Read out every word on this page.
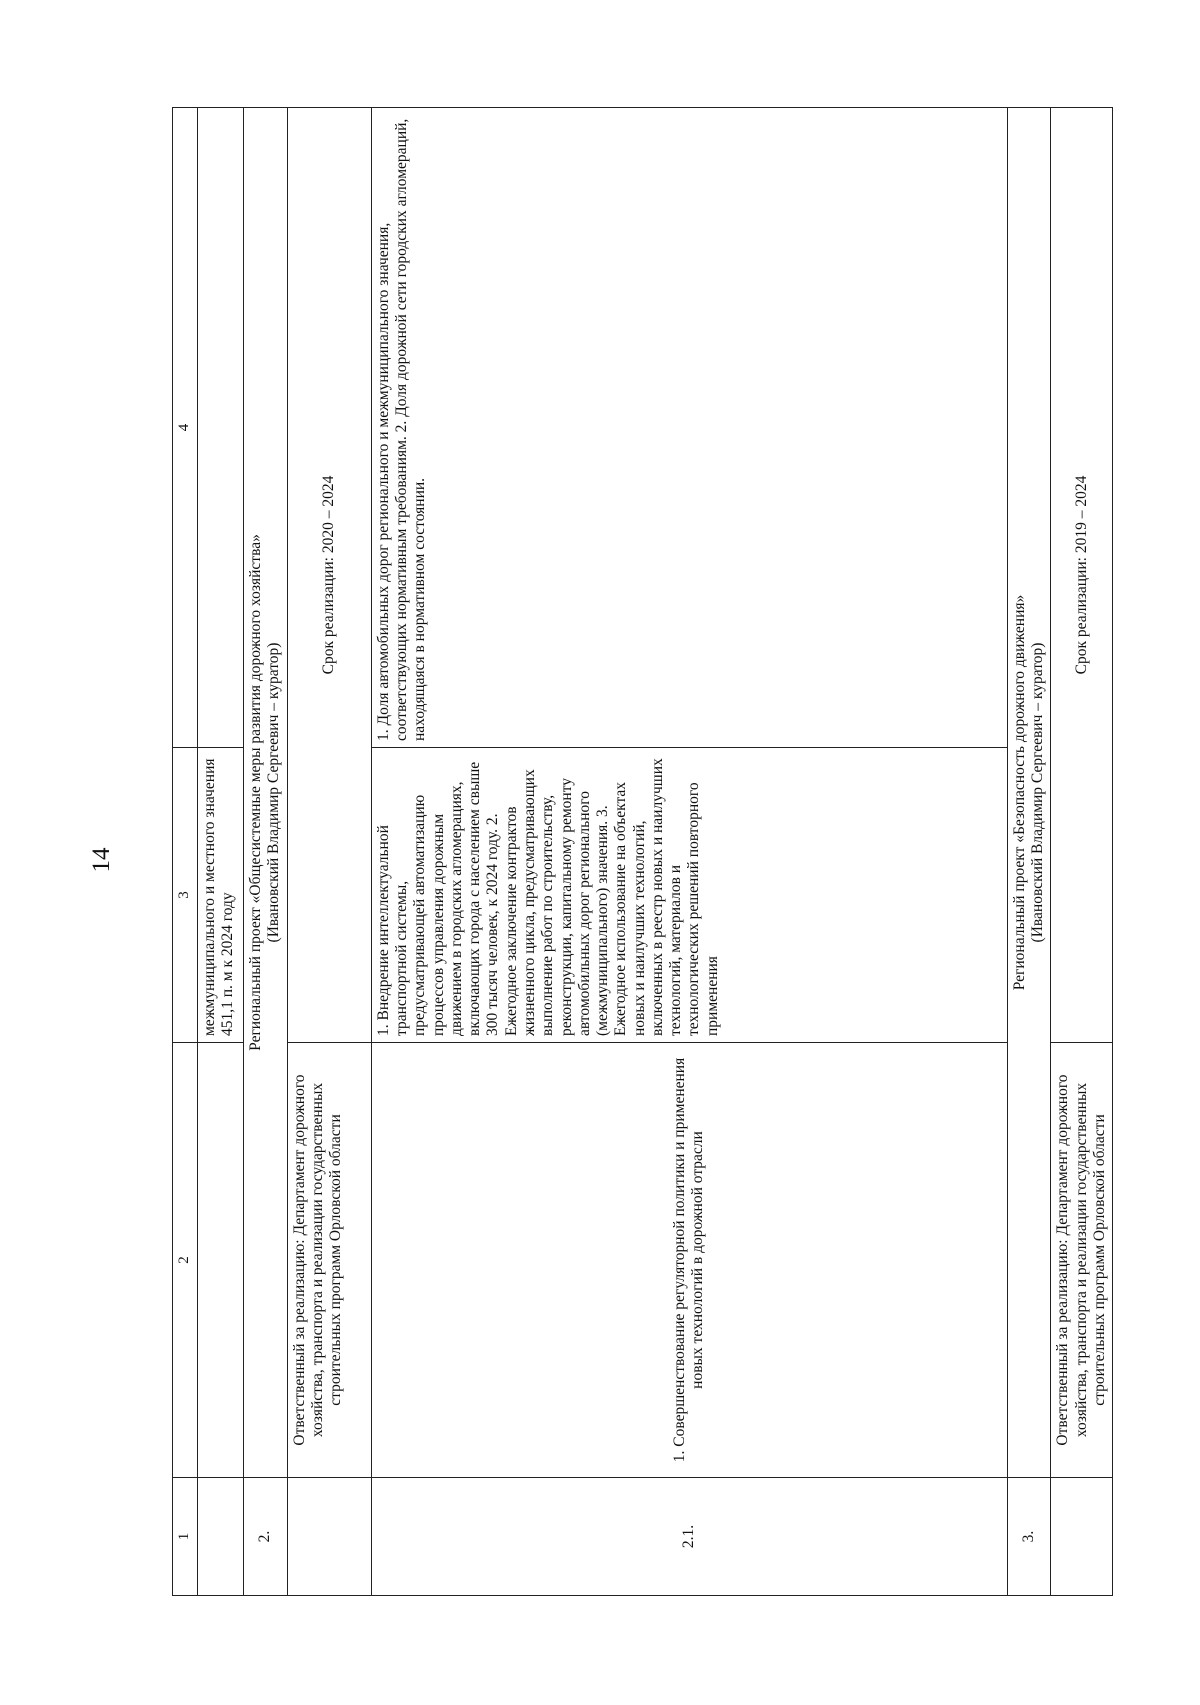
14
1	2	3	4
		межмуниципального и местного значения 451,1 п. м к 2024 году	
2.	Региональный проект «Общесистемные меры развития дорожного хозяйства» (Ивановский Владимир Сергеевич – куратор)		

	Ответственный за реализацию: Департамент дорожного хозяйства, транспорта и реализации государственных строительных программ Орловской области	Срок реализации: 2020 – 2024	
2.1.	1. Совершенствование регуляторной политики и применения новых технологий в дорожной отрасли	1. Внедрение интеллектуальной транспортной системы, предусматривающей автоматизацию процессов управления дорожным движением в городских агломерациях, включающих города с населением свыше 300 тысяч человек, к 2024 году. 2. Ежегодное заключение контрактов жизненного цикла, предусматривающих выполнение работ по строительству, реконструкции, капитальному ремонту автомобильных дорог регионального (межмуниципального) значения. 3. Ежегодное использование на объектах новых и наилучших технологий, включенных в реестр новых и наилучших технологий, материалов и технологических решений повторного применения	1. Доля автомобильных дорог регионального и межмуниципального значения, соответствующих нормативным требованиям. 2. Доля дорожной сети городских агломераций, находящаяся в нормативном состоянии.
3.	Региональный проект «Безопасность дорожного движения» (Ивановский Владимир Сергеевич – куратор)		

	Ответственный за реализацию: Департамент дорожного хозяйства, транспорта и реализации государственных строительных программ Орловской области	Срок реализации: 2019 – 2024	
